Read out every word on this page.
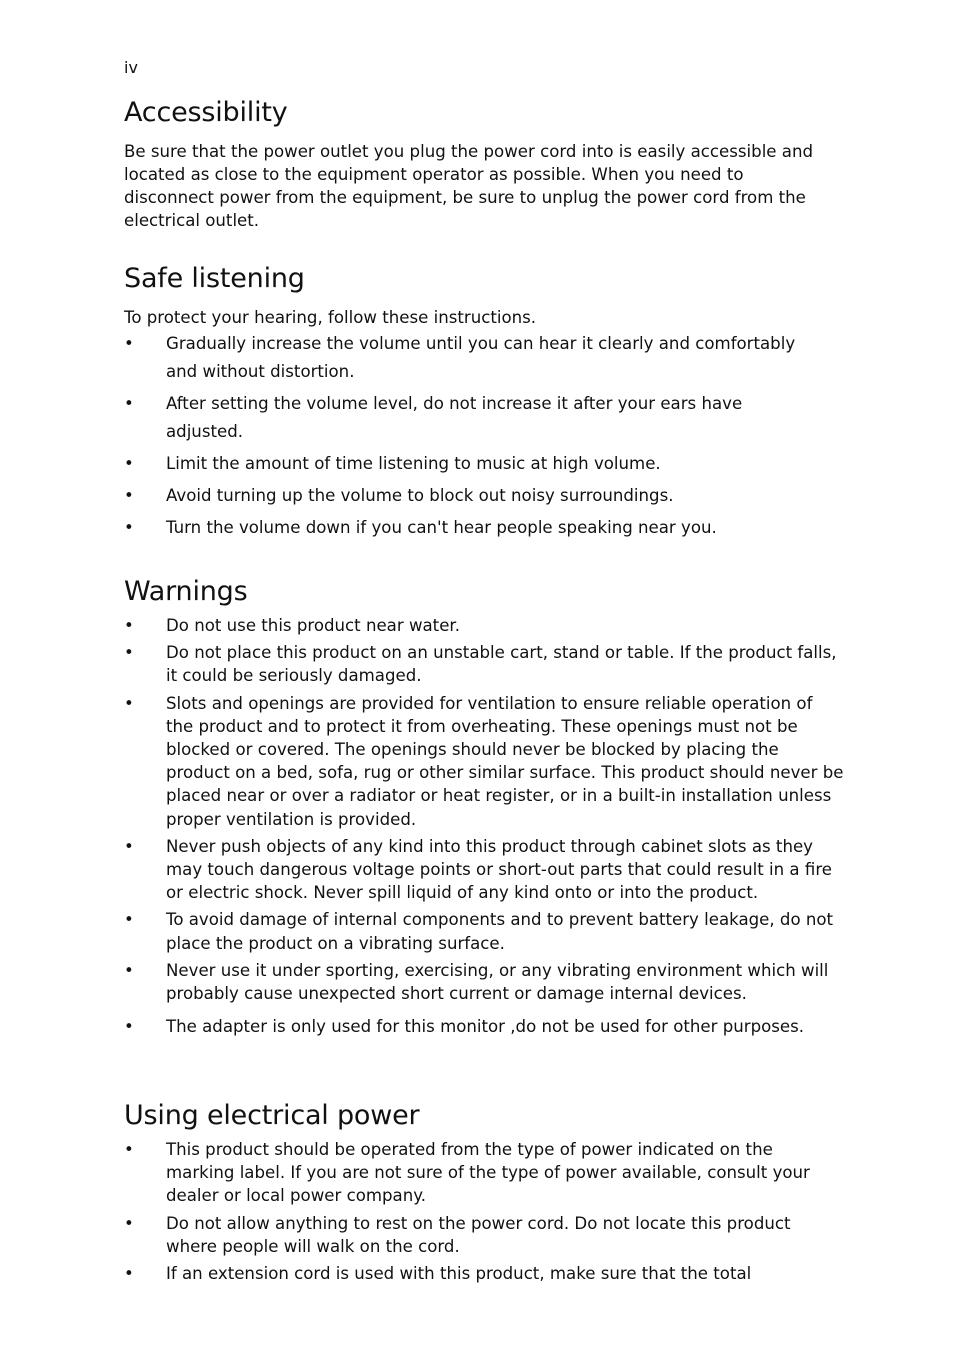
iv
Accessibility

Be sure that the power outlet you plug the power cord into is easily accessible and located as close to the equipment operator as possible. When you need to disconnect power from the equipment, be sure to unplug the power cord from the electrical outlet.

Safe listening

To protect your hearing, follow these instructions.

• Gradually increase the volume until you can hear it clearly and comfortably and without distortion.
• After setting the volume level, do not increase it after your ears have adjusted.
• Limit the amount of time listening to music at high volume.
• Avoid turning up the volume to block out noisy surroundings.
• Turn the volume down if you can't hear people speaking near you.
Warnings
• Do not use this product near water.
• Do not place this product on an unstable cart, stand or table. If the product falls, it could be seriously damaged.
• Slots and openings are provided for ventilation to ensure reliable operation of the product and to protect it from overheating. These openings must not be blocked or covered. The openings should never be blocked by placing the product on a bed, sofa, rug or other similar surface. This product should never be placed near or over a radiator or heat register, or in a built-in installation unless proper ventilation is provided.
• Never push objects of any kind into this product through cabinet slots as they may touch dangerous voltage points or short-out parts that could result in a fire or electric shock. Never spill liquid of any kind onto or into the product.
• To avoid damage of internal components and to prevent battery leakage, do not place the product on a vibrating surface.
• Never use it under sporting, exercising, or any vibrating environment which will probably cause unexpected short current or damage internal devices.
• The adapter is only used for this monitor ,do not be used for other purposes.
Using electrical power
• This product should be operated from the type of power indicated on the marking label. If you are not sure of the type of power available, consult your dealer or local power company.
• Do not allow anything to rest on the power cord. Do not locate this product where people will walk on the cord.
• If an extension cord is used with this product, make sure that the total
